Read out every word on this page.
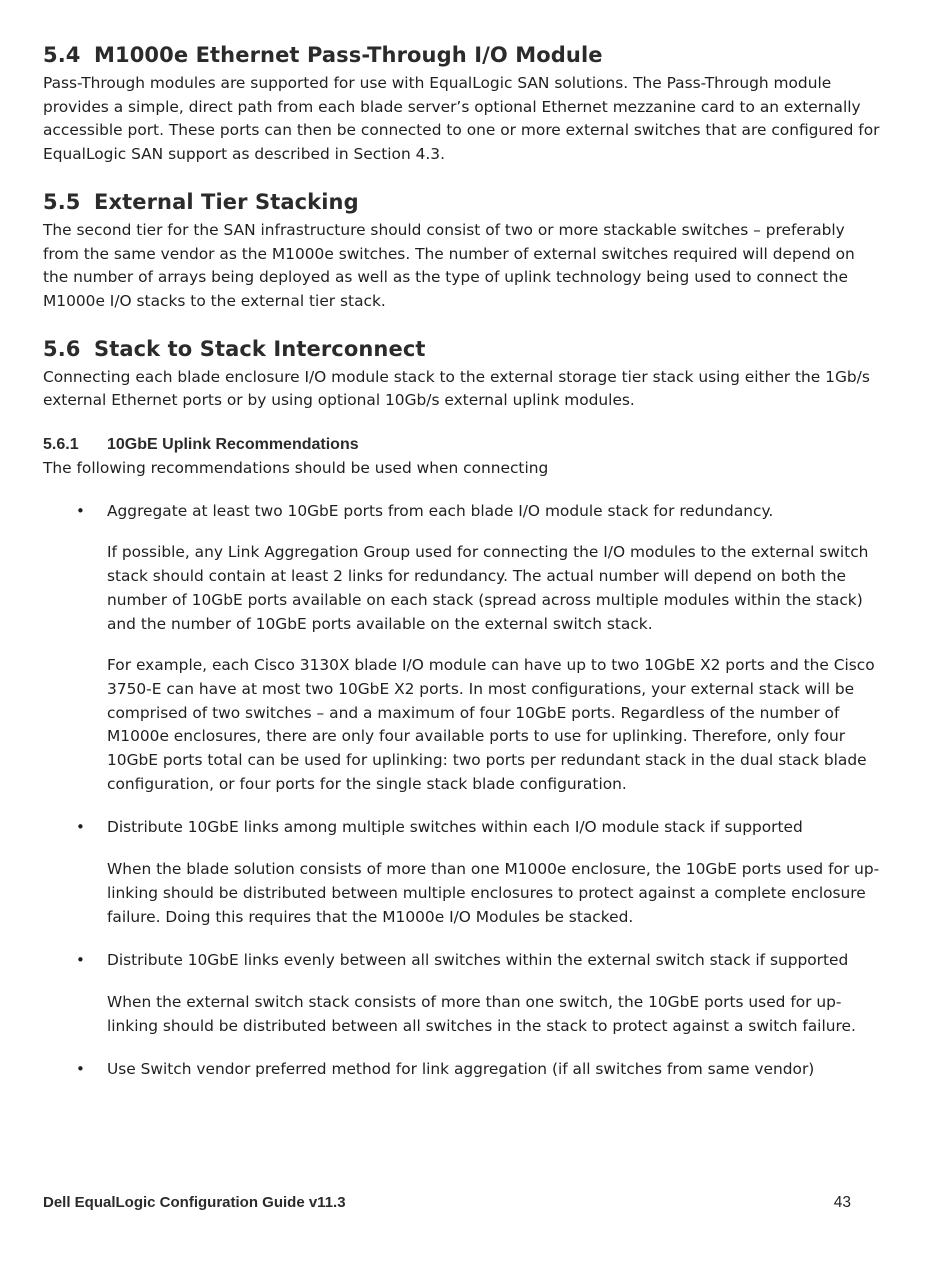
5.4 M1000e Ethernet Pass-Through I/O Module

Pass-Through modules are supported for use with EqualLogic SAN solutions. The Pass-Through module provides a simple, direct path from each blade server’s optional Ethernet mezzanine card to an externally accessible port. These ports can then be connected to one or more external switches that are configured for EqualLogic SAN support as described in Section 4.3.

5.5 External Tier Stacking

The second tier for the SAN infrastructure should consist of two or more stackable switches – preferably from the same vendor as the M1000e switches. The number of external switches required will depend on the number of arrays being deployed as well as the type of uplink technology being used to connect the M1000e I/O stacks to the external tier stack.

5.6 Stack to Stack Interconnect

Connecting each blade enclosure I/O module stack to the external storage tier stack using either the 1Gb/s external Ethernet ports or by using optional 10Gb/s external uplink modules.

5.6.1 10GbE Uplink Recommendations

The following recommendations should be used when connecting

• Aggregate at least two 10GbE ports from each blade I/O module stack for redundancy.

If possible, any Link Aggregation Group used for connecting the I/O modules to the external switch stack should contain at least 2 links for redundancy. The actual number will depend on both the number of 10GbE ports available on each stack (spread across multiple modules within the stack) and the number of 10GbE ports available on the external switch stack.

For example, each Cisco 3130X blade I/O module can have up to two 10GbE X2 ports and the Cisco 3750-E can have at most two 10GbE X2 ports. In most configurations, your external stack will be comprised of two switches – and a maximum of four 10GbE ports. Regardless of the number of M1000e enclosures, there are only four available ports to use for uplinking. Therefore, only four 10GbE ports total can be used for uplinking: two ports per redundant stack in the dual stack blade configuration, or four ports for the single stack blade configuration.

• Distribute 10GbE links among multiple switches within each I/O module stack if supported

When the blade solution consists of more than one M1000e enclosure, the 10GbE ports used for up-linking should be distributed between multiple enclosures to protect against a complete enclosure failure. Doing this requires that the M1000e I/O Modules be stacked.

• Distribute 10GbE links evenly between all switches within the external switch stack if supported

When the external switch stack consists of more than one switch, the 10GbE ports used for up-linking should be distributed between all switches in the stack to protect against a switch failure.

• Use Switch vendor preferred method for link aggregation (if all switches from same vendor)

Dell EqualLogic Configuration Guide v11.3	43
